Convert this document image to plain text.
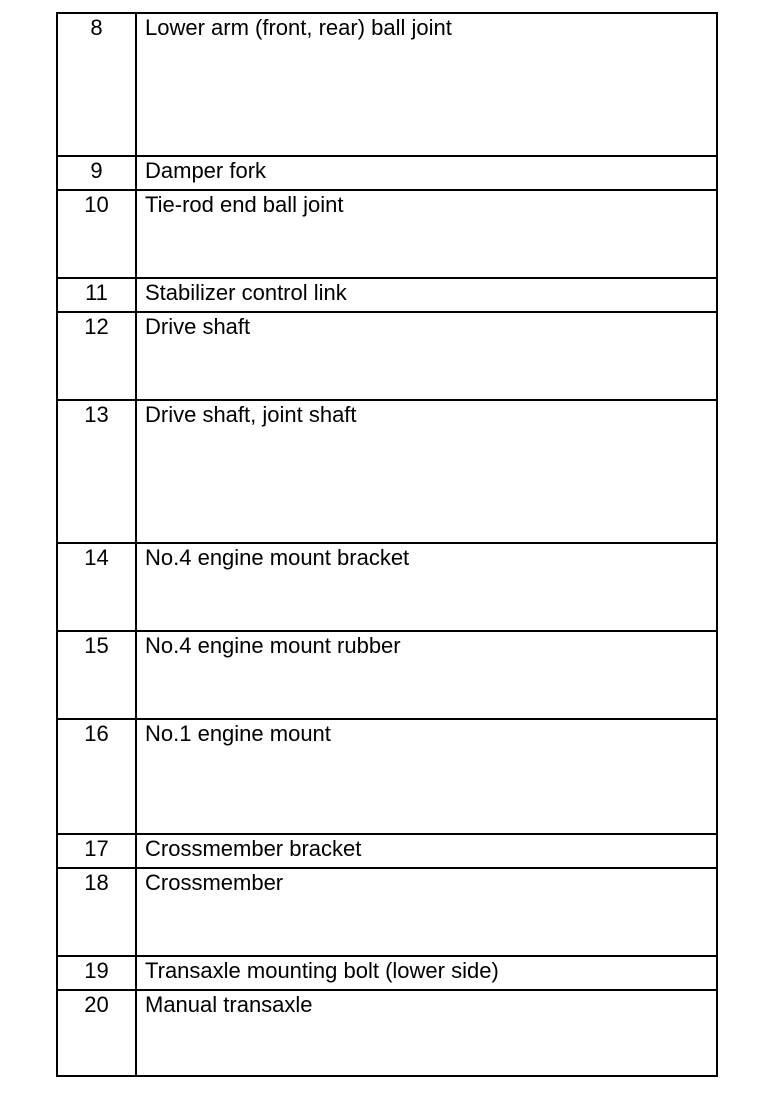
8	Lower arm (front, rear) ball joint

9	Damper fork

10	Tie-rod end ball joint

11	Stabilizer control link

12	Drive shaft

13	Drive shaft, joint shaft

14	No.4 engine mount bracket

15	No.4 engine mount rubber

16	No.1 engine mount

17	Crossmember bracket

18	Crossmember

19	Transaxle mounting bolt (lower side)

20	Manual transaxle
